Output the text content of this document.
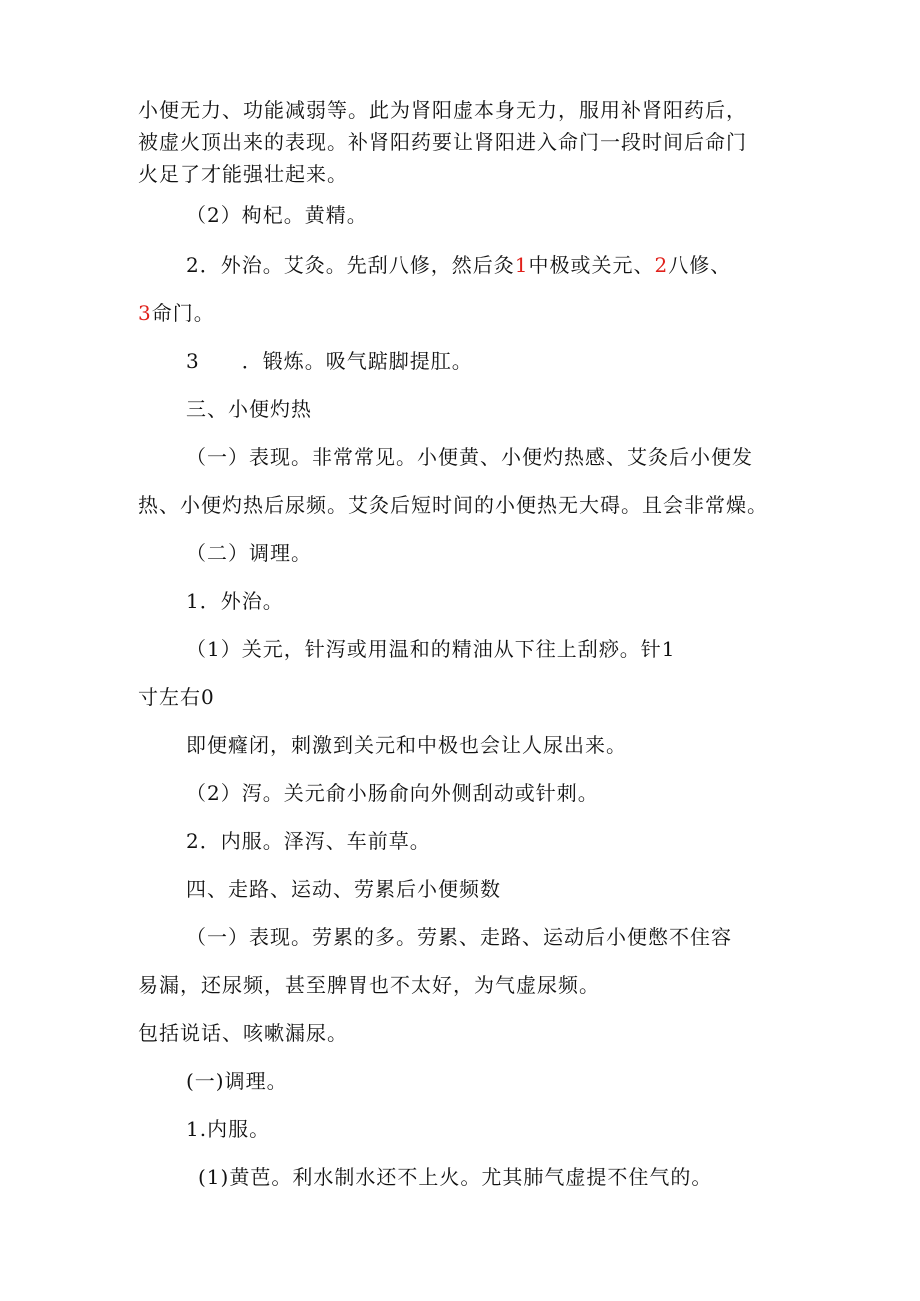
小便无力、功能减弱等。此为肾阳虚本身无力，服用补肾阳药后，
被虚火顶出来的表现。补肾阳药要让肾阳进入命门一段时间后命门
火足了才能强壮起来。
（2）枸杞。黄精。
2．外治。艾灸。先刮八修，然后灸1中极或关元、2八修、
3命门。
3　　．锻炼。吸气踮脚提肛。
三、小便灼热
（一）表现。非常常见。小便黄、小便灼热感、艾灸后小便发
热、小便灼热后尿频。艾灸后短时间的小便热无大碍。且会非常燥。
（二）调理。
1．外治。
（1）关元，针泻或用温和的精油从下往上刮痧。针1
寸左右0
即便癃闭，刺激到关元和中极也会让人尿出来。
（2）泻。关元俞小肠俞向外侧刮动或针刺。
2．内服。泽泻、车前草。
四、走路、运动、劳累后小便频数
（一）表现。劳累的多。劳累、走路、运动后小便憋不住容
易漏，还尿频，甚至脾胃也不太好，为气虚尿频。
包括说话、咳嗽漏尿。
(一)调理。
1.内服。
(1)黄芭。利水制水还不上火。尤其肺气虚提不住气的。
